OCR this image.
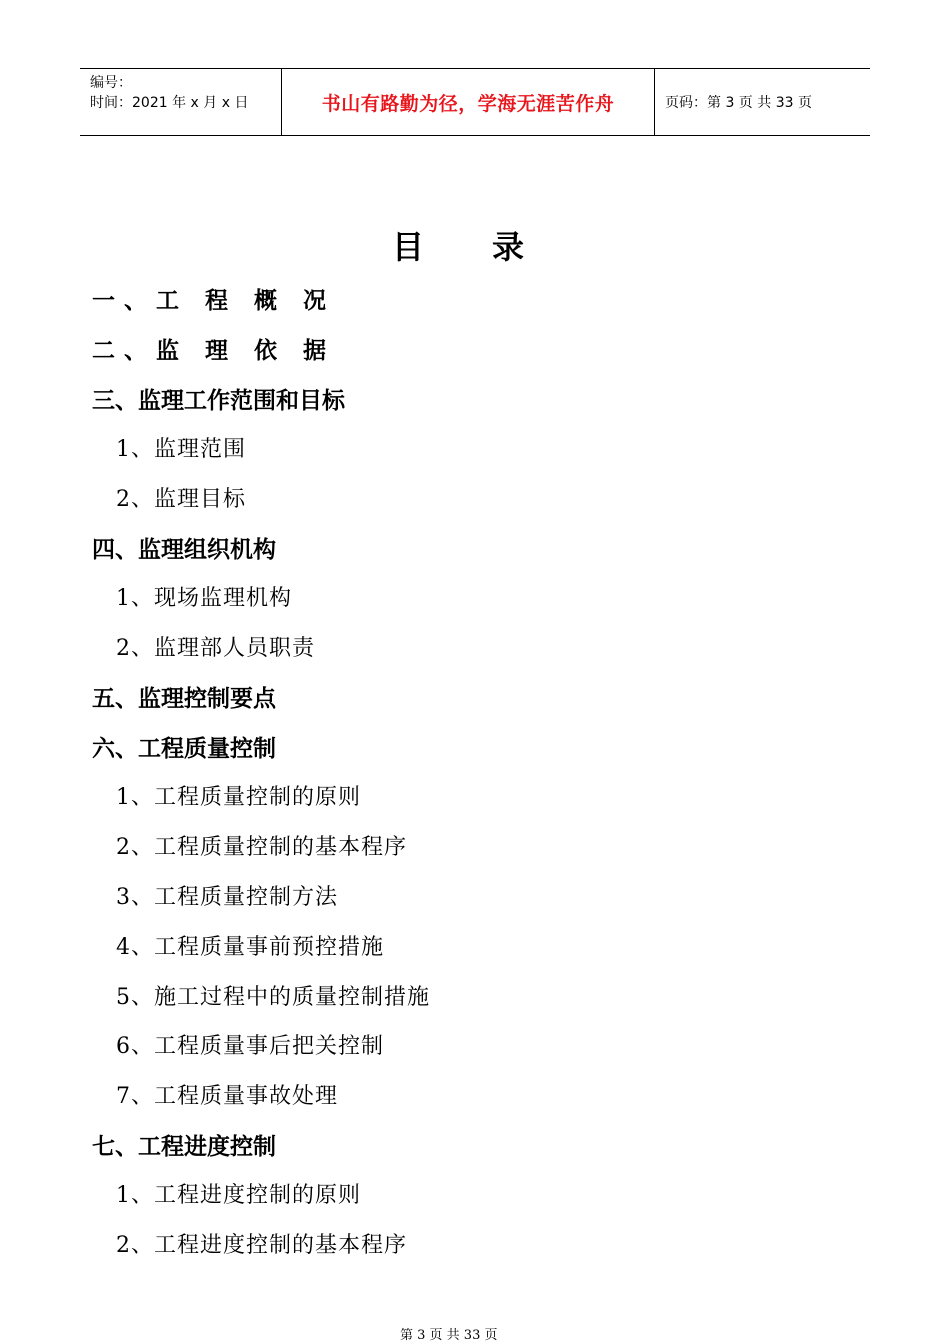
编号：
时间：2021 年 x 月 x 日	书山有路勤为径，学海无涯苦作舟	页码：第 3 页 共 33 页
目录
一、工 程 概 况
二、监 理 依 据
三、监理工作范围和目标
1、监理范围
2、监理目标
四、监理组织机构
1、现场监理机构
2、监理部人员职责
五、监理控制要点
六、工程质量控制
1、工程质量控制的原则
2、工程质量控制的基本程序
3、工程质量控制方法
4、工程质量事前预控措施
5、施工过程中的质量控制措施
6、工程质量事后把关控制
7、工程质量事故处理
七、工程进度控制
1、工程进度控制的原则
2、工程进度控制的基本程序
第 3 页 共 33 页
